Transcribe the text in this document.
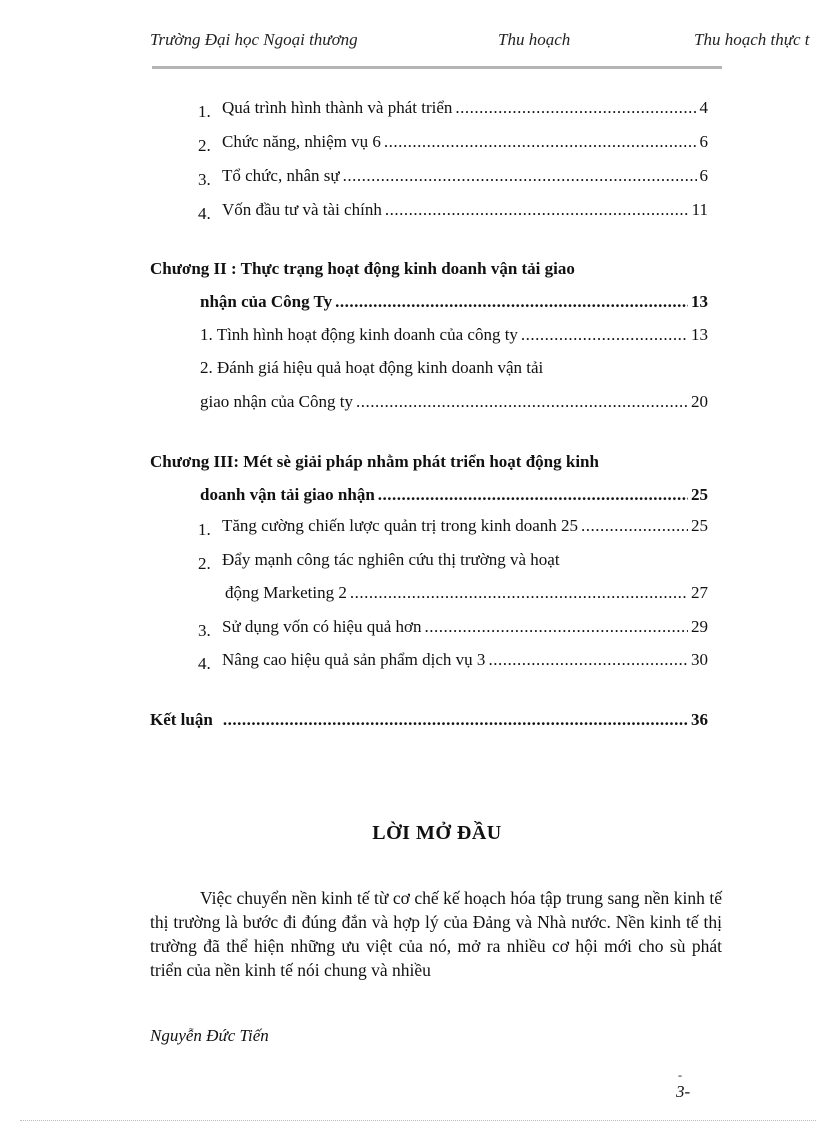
Trường Đại học Ngoại thương	Thu hoạch	Thu hoạch thực t
1. Quá trình hình thành và phát triển .....	4
2. Chức năng, nhiệm vụ 6 .....	6
3. Tổ chức, nhân sự .....	6
4. Vốn đầu tư và tài chính .....	11
Chương II : Thực trạng hoạt động kinh doanh vận tải giao
nhận của Công Ty .....	13
1. Tình hình hoạt động kinh doanh của công ty .....	13
2. Đánh giá hiệu quả hoạt động kinh doanh vận tải
giao nhận của Công ty .....	20
Chương III: Mét sè giải pháp nhằm phát triển hoạt động kinh
doanh vận tải giao nhận .....	25
1. Tăng cường chiến lược quản trị trong kinh doanh 25 .....	25
2. Đẩy mạnh công tác nghiên cứu thị trường và hoạt
động Marketing 2 .....	27
3. Sử dụng vốn có hiệu quả hơn .....	29
4. Nâng cao hiệu quả sản phẩm dịch vụ 3 .....	30
Kết luận .....	36
LỜI MỞ ĐẦU
Việc chuyển nền kinh tế từ cơ chế kế hoạch hóa tập trung sang nền kinh tế thị trường là bước đi đúng đắn và hợp lý của Đảng và Nhà nước. Nền kinh tế thị trường đã thể hiện những ưu việt của nó, mở ra nhiều cơ hội mới cho sù phát triển của nền kinh tế nói chung và nhiều
Nguyễn Đức Tiến
-
3-
